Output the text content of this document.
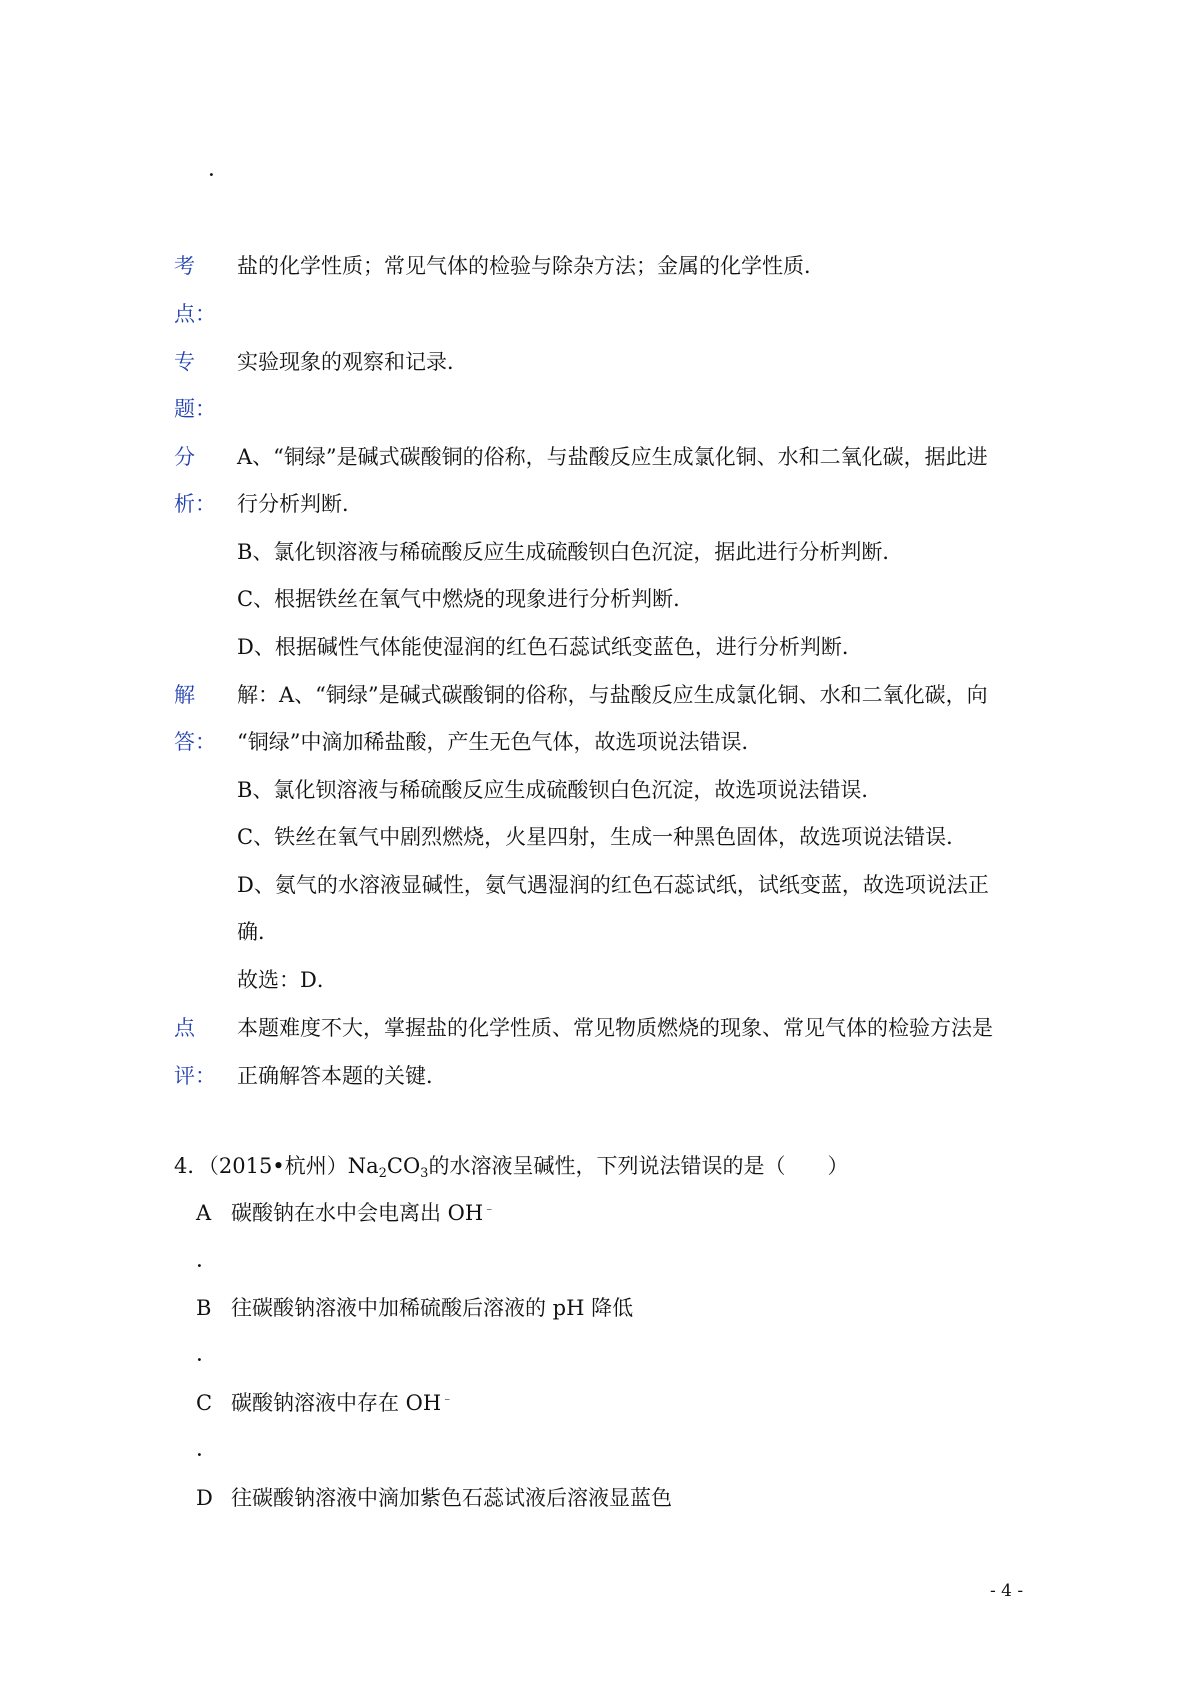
．
考
点：
盐的化学性质；常见气体的检验与除杂方法；金属的化学性质．
专
题：
实验现象的观察和记录．
分
析：
A、“铜绿”是碱式碳酸铜的俗称，与盐酸反应生成氯化铜、水和二氧化碳，据此进
行分析判断．
B、氯化钡溶液与稀硫酸反应生成硫酸钡白色沉淀，据此进行分析判断．
C、根据铁丝在氧气中燃烧的现象进行分析判断．
D、根据碱性气体能使湿润的红色石蕊试纸变蓝色，进行分析判断．
解
答：
解：A、“铜绿”是碱式碳酸铜的俗称，与盐酸反应生成氯化铜、水和二氧化碳，向
“铜绿”中滴加稀盐酸，产生无色气体，故选项说法错误．
B、氯化钡溶液与稀硫酸反应生成硫酸钡白色沉淀，故选项说法错误．
C、铁丝在氧气中剧烈燃烧，火星四射，生成一种黑色固体，故选项说法错误．
D、氨气的水溶液显碱性，氨气遇湿润的红色石蕊试纸，试纸变蓝，故选项说法正
确．
故选：D．
点
评：
本题难度不大，掌握盐的化学性质、常见物质燃烧的现象、常见气体的检验方法是
正确解答本题的关键．
4．（2015•杭州）$Na_2CO_3$的水溶液呈碱性，下列说法错误的是（　　）
A 碳酸钠在水中会电离出 OH﹣
．
B 往碳酸钠溶液中加稀硫酸后溶液的 pH 降低
．
C 碳酸钠溶液中存在 OH﹣
．
D 往碳酸钠溶液中滴加紫色石蕊试液后溶液显蓝色
- 4 -
